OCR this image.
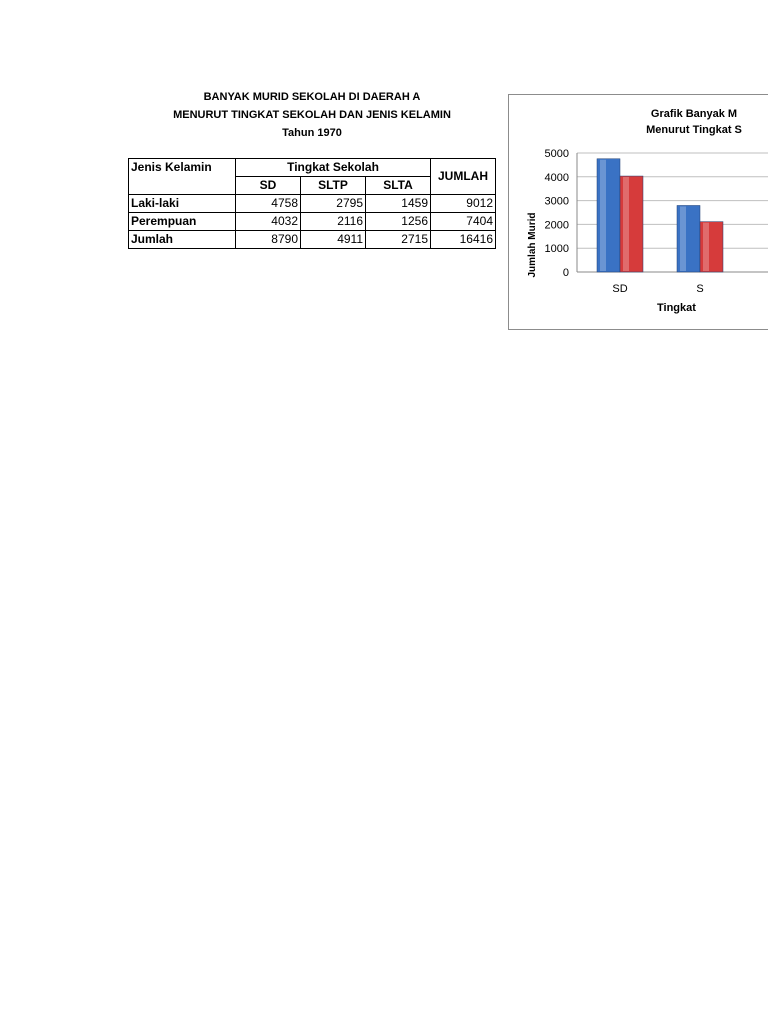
BANYAK MURID SEKOLAH DI DAERAH A
MENURUT TINGKAT SEKOLAH DAN JENIS KELAMIN
Tahun 1970
Jenis Kelamin	Tingkat Sekolah			JUMLAH
	SD	SLTP	SLTA	
Laki-laki	4758	2795	1459	9012
Perempuan	4032	2116	1256	7404
Jumlah	8790	4911	2715	16416
Grafik Banyak M
Menurut Tingkat S
Jumlah Murid
Tingkat
0
1000
2000
3000
4000
5000
SD	S
